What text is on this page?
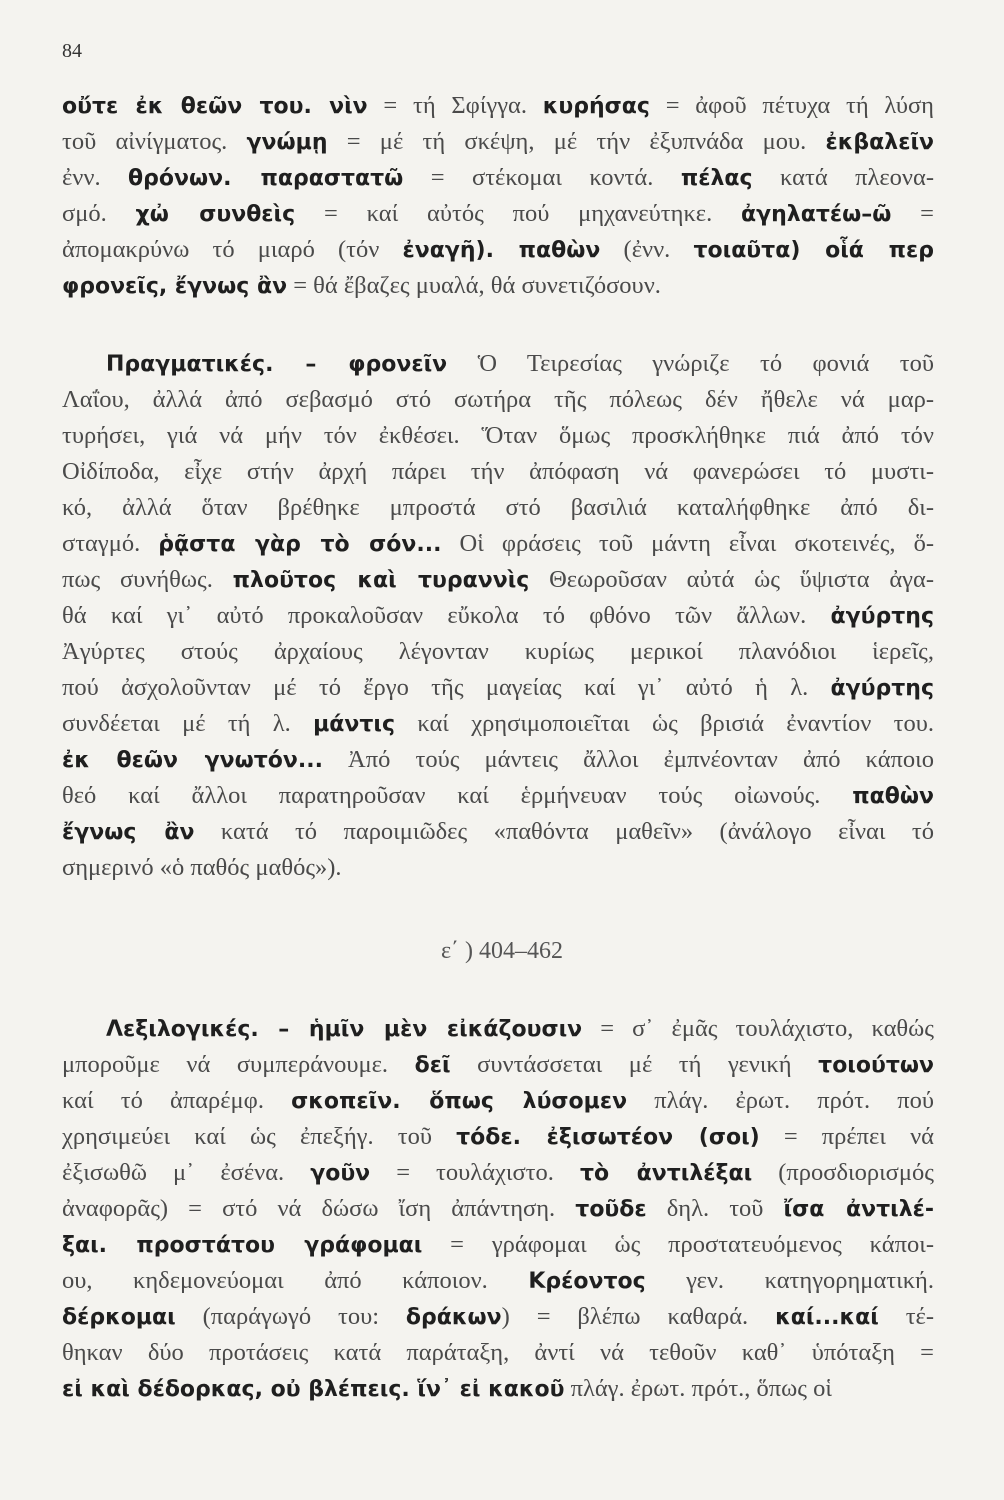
84
οὔτε ἐκ θεῶν του. νὶν = τή Σφίγγα. κυρήσας = ἀφοῦ πέτυχα τή λύση
τοῦ αἰνίγματος. γνώμῃ = μέ τή σκέψη, μέ τήν ἐξυπνάδα μου. ἐκβαλεῖν
ἐνν. θρόνων. παραστατῶ = στέκομαι κοντά. πέλας κατά πλεονα-
σμό. χὠ συνθεὶς = καί αὐτός πού μηχανεύτηκε. ἀγηλατέω–ῶ =
ἀπομακρύνω τό μιαρό (τόν ἐναγῆ). παθὼν (ἐνν. τοιαῦτα) οἷά περ
φρονεῖς, ἔγνως ἂν = θά ἔβαζες μυαλά, θά συνετιζόσουν.
Πραγματικές. – φρονεῖν Ὁ Τειρεσίας γνώριζε τό φονιά τοῦ
Λαΐου, ἀλλά ἀπό σεβασμό στό σωτήρα τῆς πόλεως δέν ἤθελε νά μαρ-
τυρήσει, γιά νά μήν τόν ἐκθέσει. Ὅταν ὅμως προσκλήθηκε πιά ἀπό τόν
Οἰδίποδα, εἶχε στήν ἀρχή πάρει τήν ἀπόφαση νά φανερώσει τό μυστι-
κό, ἀλλά ὅταν βρέθηκε μπροστά στό βασιλιά καταλήφθηκε ἀπό δι-
σταγμό. ῥᾷστα γὰρ τὸ σόν... Οἱ φράσεις τοῦ μάντη εἶναι σκοτεινές, ὅ-
πως συνήθως. πλοῦτος καὶ τυραννὶς Θεωροῦσαν αὐτά ὡς ὕψιστα ἀγα-
θά καί γι᾿ αὐτό προκαλοῦσαν εὔκολα τό φθόνο τῶν ἄλλων. ἀγύρτης
Ἀγύρτες στούς ἀρχαίους λέγονταν κυρίως μερικοί πλανόδιοι ἱερεῖς,
πού ἀσχολοῦνταν μέ τό ἔργο τῆς μαγείας καί γι᾿ αὐτό ἡ λ. ἀγύρτης
συνδέεται μέ τή λ. μάντις καί χρησιμοποιεῖται ὡς βρισιά ἐναντίον του.
ἐκ θεῶν γνωτόν... Ἀπό τούς μάντεις ἄλλοι ἐμπνέονταν ἀπό κάποιο
θεό καί ἄλλοι παρατηροῦσαν καί ἑρμήνευαν τούς οἰωνούς. παθὼν
ἔγνως ἂν κατά τό παροιμιῶδες «παθόντα μαθεῖν» (ἀνάλογο εἶναι τό
σημερινό «ὁ παθός μαθός»).
ε΄ ) 404–462
Λεξιλογικές. – ἡμῖν μὲν εἰκάζουσιν = σ᾿ ἐμᾶς τουλάχιστο, καθώς
μποροῦμε νά συμπεράνουμε. δεῖ συντάσσεται μέ τή γενική τοιούτων
καί τό ἀπαρέμφ. σκοπεῖν. ὅπως λύσομεν πλάγ. ἐρωτ. πρότ. πού
χρησιμεύει καί ὡς ἐπεξήγ. τοῦ τόδε. ἐξισωτέον (σοι) = πρέπει νά
ἐξισωθῶ μ᾿ ἐσένα. γοῦν = τουλάχιστο. τὸ ἀντιλέξαι (προσδιορισμός
ἀναφορᾶς) = στό νά δώσω ἴση ἀπάντηση. τοῦδε δηλ. τοῦ ἴσα ἀντιλέ-
ξαι. προστάτου γράφομαι = γράφομαι ὡς προστατευόμενος κάποι-
ου, κηδεμονεύομαι ἀπό κάποιον. Κρέοντος γεν. κατηγορηματική.
δέρκομαι (παράγωγό του: δράκων) = βλέπω καθαρά. καί...καί τέ-
θηκαν δύο προτάσεις κατά παράταξη, ἀντί νά τεθοῦν καθ᾿ ὑπόταξη =
εἰ καὶ δέδορκας, οὐ βλέπεις. ἵν᾿ εἰ κακοῦ πλάγ. ἐρωτ. πρότ., ὅπως οἱ
